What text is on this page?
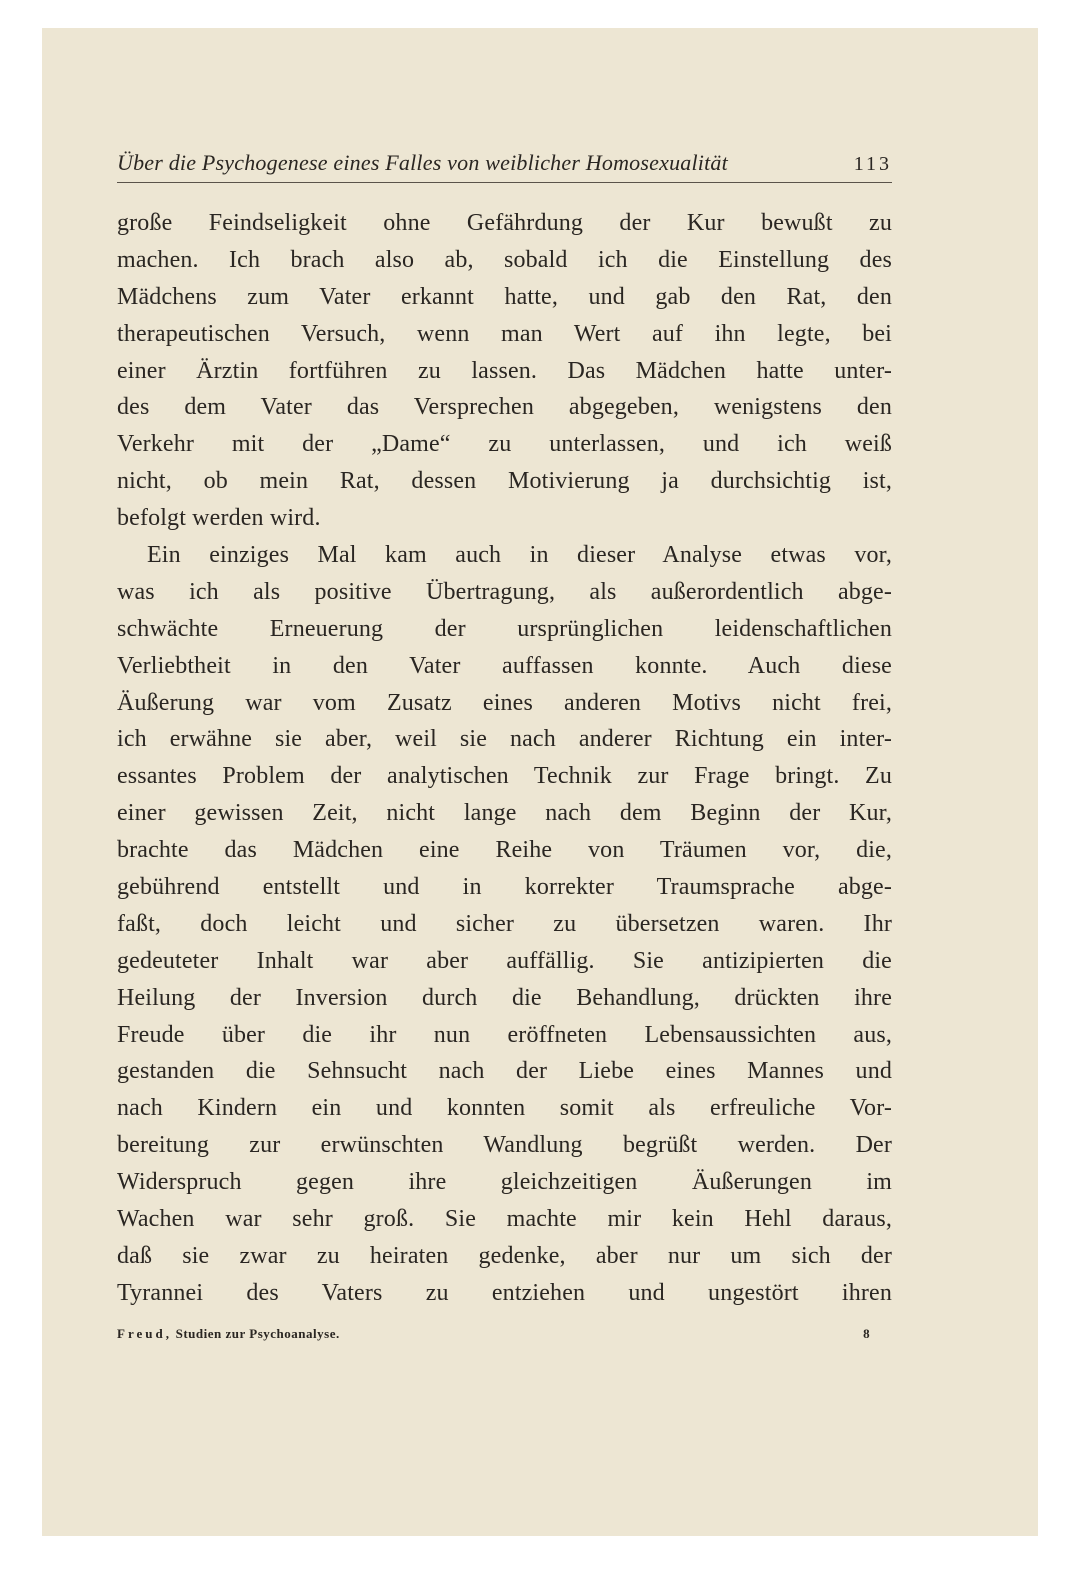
Über die Psychogenese eines Falles von weiblicher Homosexualität	113
große Feindseligkeit ohne Gefährdung der Kur bewußt zu
machen. Ich brach also ab, sobald ich die Einstellung des
Mädchens zum Vater erkannt hatte, und gab den Rat, den
therapeutischen Versuch, wenn man Wert auf ihn legte, bei
einer Ärztin fortführen zu lassen. Das Mädchen hatte unter-
des dem Vater das Versprechen abgegeben, wenigstens den
Verkehr mit der „Dame“ zu unterlassen, und ich weiß
nicht, ob mein Rat, dessen Motivierung ja durchsichtig ist,
befolgt werden wird.
Ein einziges Mal kam auch in dieser Analyse etwas vor,
was ich als positive Übertragung, als außerordentlich abge-
schwächte Erneuerung der ursprünglichen leidenschaftlichen
Verliebtheit in den Vater auffassen konnte. Auch diese
Äußerung war vom Zusatz eines anderen Motivs nicht frei,
ich erwähne sie aber, weil sie nach anderer Richtung ein inter-
essantes Problem der analytischen Technik zur Frage bringt. Zu
einer gewissen Zeit, nicht lange nach dem Beginn der Kur,
brachte das Mädchen eine Reihe von Träumen vor, die,
gebührend entstellt und in korrekter Traumsprache abge-
faßt, doch leicht und sicher zu übersetzen waren. Ihr
gedeuteter Inhalt war aber auffällig. Sie antizipierten die
Heilung der Inversion durch die Behandlung, drückten ihre
Freude über die ihr nun eröffneten Lebensaussichten aus,
gestanden die Sehnsucht nach der Liebe eines Mannes und
nach Kindern ein und konnten somit als erfreuliche Vor-
bereitung zur erwünschten Wandlung begrüßt werden. Der
Widerspruch gegen ihre gleichzeitigen Äußerungen im
Wachen war sehr groß. Sie machte mir kein Hehl daraus,
daß sie zwar zu heiraten gedenke, aber nur um sich der
Tyrannei des Vaters zu entziehen und ungestört ihren
Freud, Studien zur Psychoanalyse.	8
